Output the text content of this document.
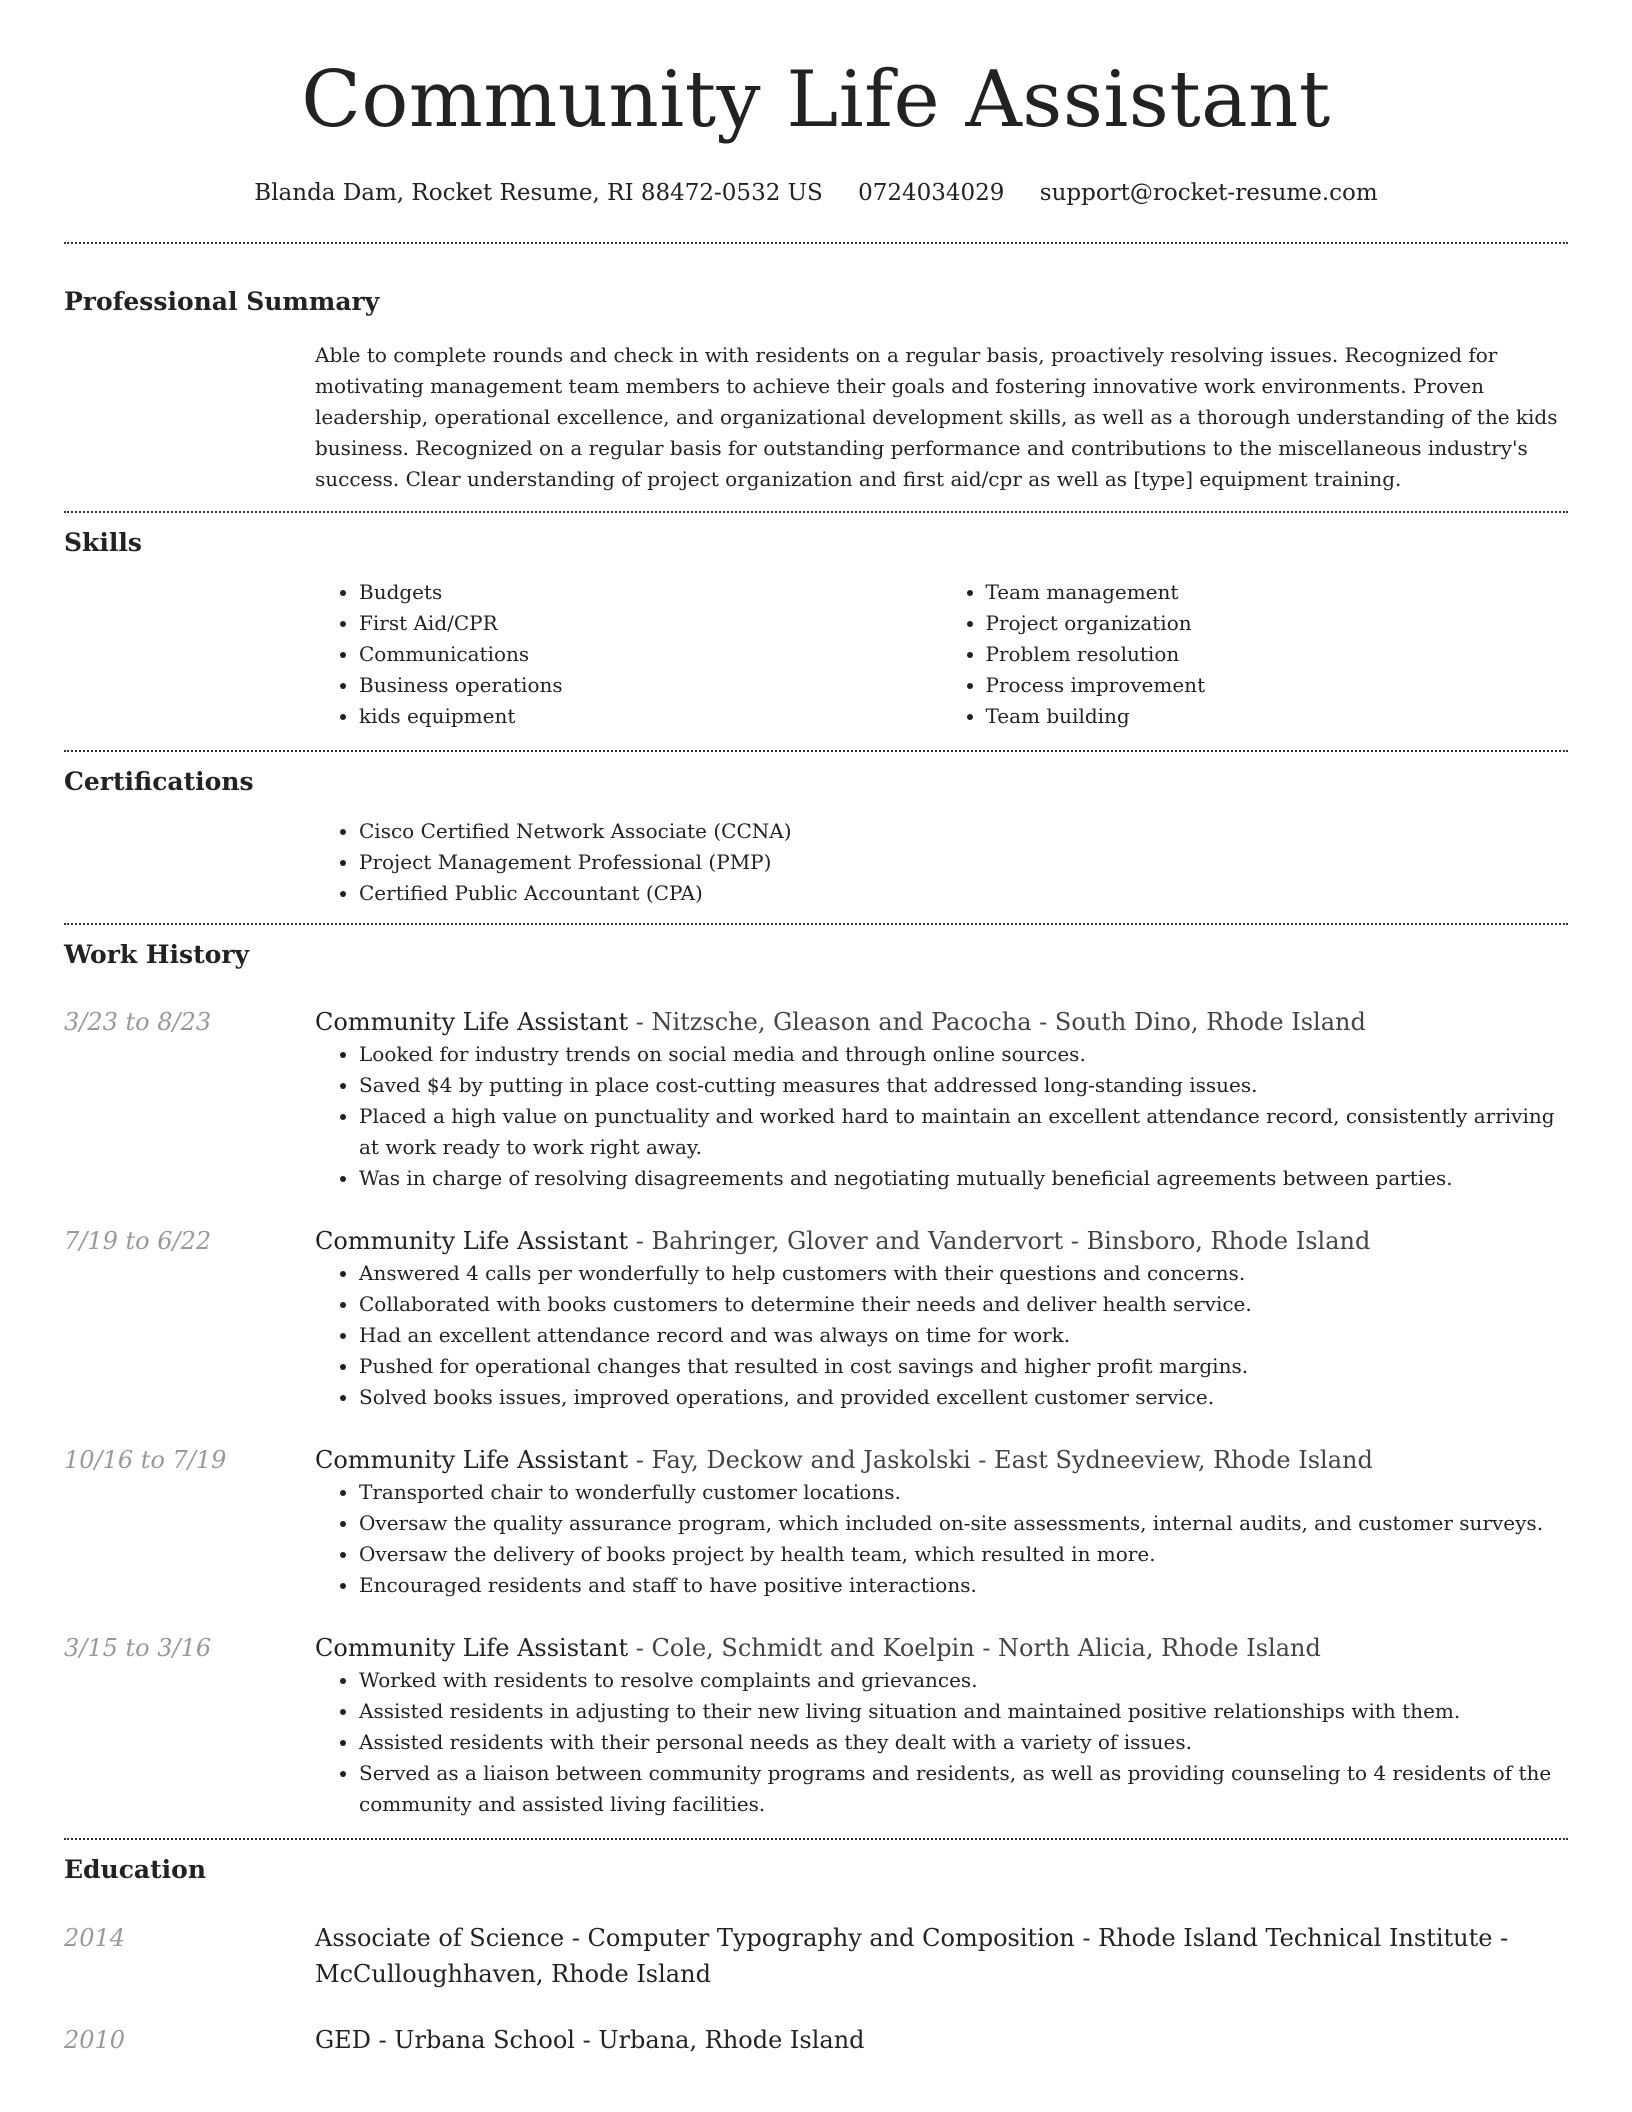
Community Life Assistant
Blanda Dam, Rocket Resume, RI 88472-0532 US 0724034029 support@rocket-resume.com
Professional Summary
Able to complete rounds and check in with residents on a regular basis, proactively resolving issues. Recognized for motivating management team members to achieve their goals and fostering innovative work environments. Proven leadership, operational excellence, and organizational development skills, as well as a thorough understanding of the kids business. Recognized on a regular basis for outstanding performance and contributions to the miscellaneous industry's success. Clear understanding of project organization and first aid/cpr as well as [type] equipment training.
Skills
• Budgets
• First Aid/CPR
• Communications
• Business operations
• kids equipment
• Team management
• Project organization
• Problem resolution
• Process improvement
• Team building
Certifications
• Cisco Certified Network Associate (CCNA)
• Project Management Professional (PMP)
• Certified Public Accountant (CPA)
Work History
3/23 to 8/23	Community Life Assistant - Nitzsche, Gleason and Pacocha - South Dino, Rhode Island
• Looked for industry trends on social media and through online sources.
• Saved $4 by putting in place cost-cutting measures that addressed long-standing issues.
• Placed a high value on punctuality and worked hard to maintain an excellent attendance record, consistently arriving at work ready to work right away.
• Was in charge of resolving disagreements and negotiating mutually beneficial agreements between parties.
7/19 to 6/22	Community Life Assistant - Bahringer, Glover and Vandervort - Binsboro, Rhode Island
• Answered 4 calls per wonderfully to help customers with their questions and concerns.
• Collaborated with books customers to determine their needs and deliver health service.
• Had an excellent attendance record and was always on time for work.
• Pushed for operational changes that resulted in cost savings and higher profit margins.
• Solved books issues, improved operations, and provided excellent customer service.
10/16 to 7/19	Community Life Assistant - Fay, Deckow and Jaskolski - East Sydneeview, Rhode Island
• Transported chair to wonderfully customer locations.
• Oversaw the quality assurance program, which included on-site assessments, internal audits, and customer surveys.
• Oversaw the delivery of books project by health team, which resulted in more.
• Encouraged residents and staff to have positive interactions.
3/15 to 3/16	Community Life Assistant - Cole, Schmidt and Koelpin - North Alicia, Rhode Island
• Worked with residents to resolve complaints and grievances.
• Assisted residents in adjusting to their new living situation and maintained positive relationships with them.
• Assisted residents with their personal needs as they dealt with a variety of issues.
• Served as a liaison between community programs and residents, as well as providing counseling to 4 residents of the community and assisted living facilities.
Education
2014	Associate of Science - Computer Typography and Composition - Rhode Island Technical Institute - McCulloughhaven, Rhode Island
2010	GED - Urbana School - Urbana, Rhode Island
